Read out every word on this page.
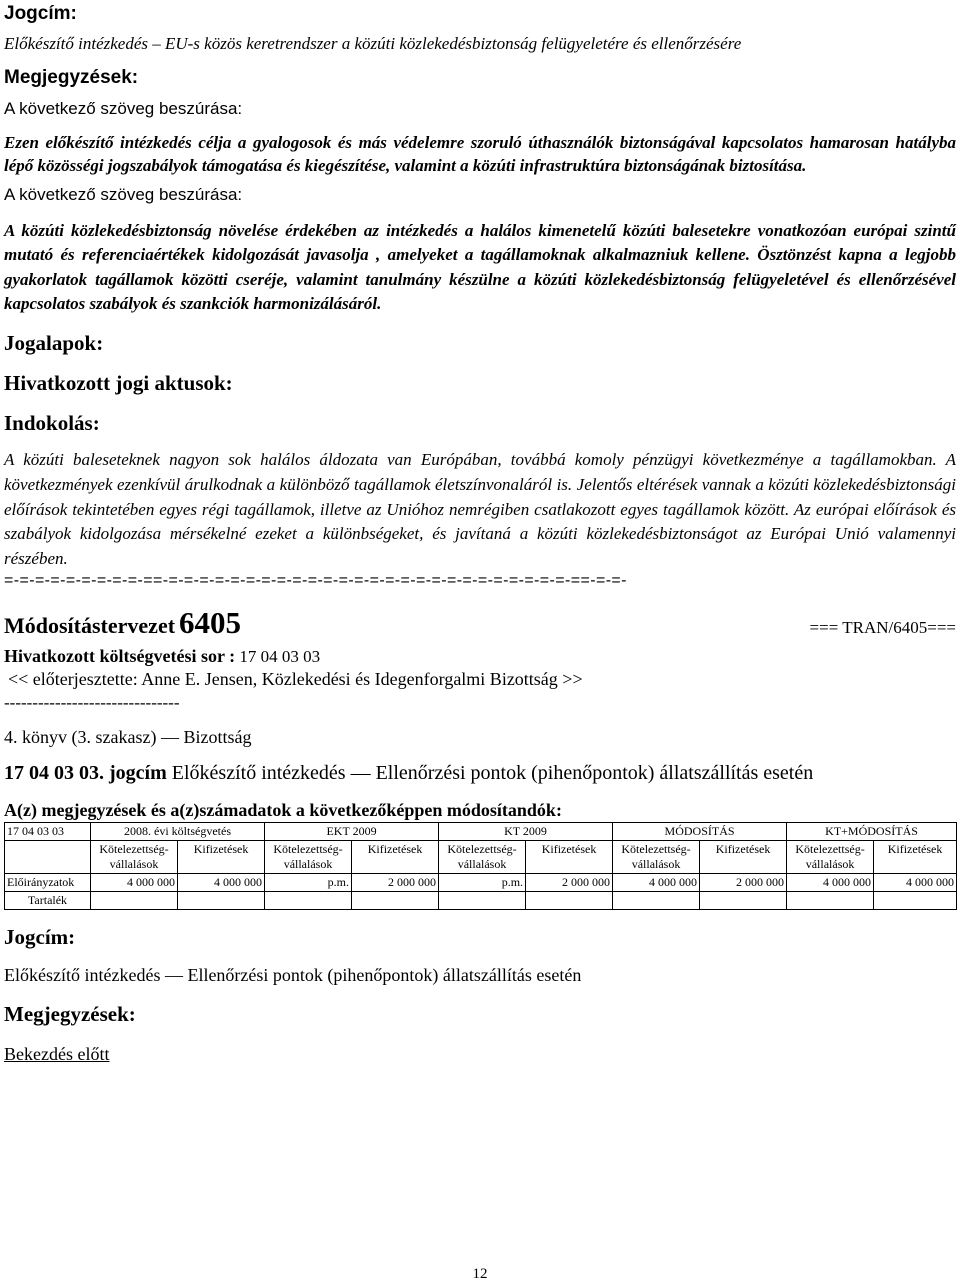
Jogcím:

Előkészítő intézkedés – EU-s közös keretrendszer a közúti közlekedésbiztonság felügyeletére és ellenőrzésére

Megjegyzések:

A következő szöveg beszúrása:

Ezen előkészítő intézkedés célja a gyalogosok és más védelemre szoruló úthasználók biztonságával kapcsolatos hamarosan hatályba lépő közösségi jogszabályok támogatása és kiegészítése, valamint a közúti infrastruktúra biztonságának biztosítása.

A következő szöveg beszúrása:

A közúti közlekedésbiztonság növelése érdekében az intézkedés a halálos kimenetelű közúti balesetekre vonatkozóan európai szintű mutató és referenciaértékek kidolgozását javasolja , amelyeket a tagállamoknak alkalmazniuk kellene. Ösztönzést kapna a legjobb gyakorlatok tagállamok közötti cseréje, valamint tanulmány készülne a közúti közlekedésbiztonság felügyeletével és ellenőrzésével kapcsolatos szabályok és szankciók harmonizálásáról.

Jogalapok:
Hivatkozott jogi aktusok:
Indokolás:

A közúti baleseteknek nagyon sok halálos áldozata van Európában, továbbá komoly pénzügyi következménye a tagállamokban. A következmények ezenkívül árulkodnak a különböző tagállamok életszínvonaláról is. Jelentős eltérések vannak a közúti közlekedésbiztonsági előírások tekintetében egyes régi tagállamok, illetve az Unióhoz nemrégiben csatlakozott egyes tagállamok között. Az európai előírások és szabályok kidolgozása mérsékelné ezeket a különbségeket, és javítaná a közúti közlekedésbiztonságot az Európai Unió valamennyi részében.

=-=-=-=-=-=-=-=-=-==-=-=-=-=-=-=-=-=-=-=-=-=-=-=-=-=-=-=-=-=-=-=-=-=-=-=-==-=-=-
Módosítástervezet 6405	=== TRAN/6405===

Hivatkozott költségvetési sor : 17 04 03 03

<< előterjesztette: Anne E. Jensen, Közlekedési és Idegenforgalmi Bizottság >>

-------------------------------

4. könyv (3. szakasz) — Bizottság

17 04 03 03. jogcím Előkészítő intézkedés — Ellenőrzési pontok (pihenőpontok) állatszállítás esetén

A(z) megjegyzések és a(z)számadatok a következőképpen módosítandók:

17 04 03 03	2008. évi költségvetés		EKT 2009		KT 2009		MÓDOSÍTÁS		KT+MÓDOSÍTÁS	
	Kötelezettség-vállalások	Kifizetések	Kötelezettség-vállalások	Kifizetések	Kötelezettség-vállalások	Kifizetések	Kötelezettség-vállalások	Kifizetések	Kötelezettség-vállalások	Kifizetések
Előirányzatok	4 000 000	4 000 000	p.m.	2 000 000	p.m.	2 000 000	4 000 000	2 000 000	4 000 000	4 000 000
Tartalék										
Jogcím:

Előkészítő intézkedés — Ellenőrzési pontok (pihenőpontok) állatszállítás esetén

Megjegyzések:

Bekezdés előtt

12
